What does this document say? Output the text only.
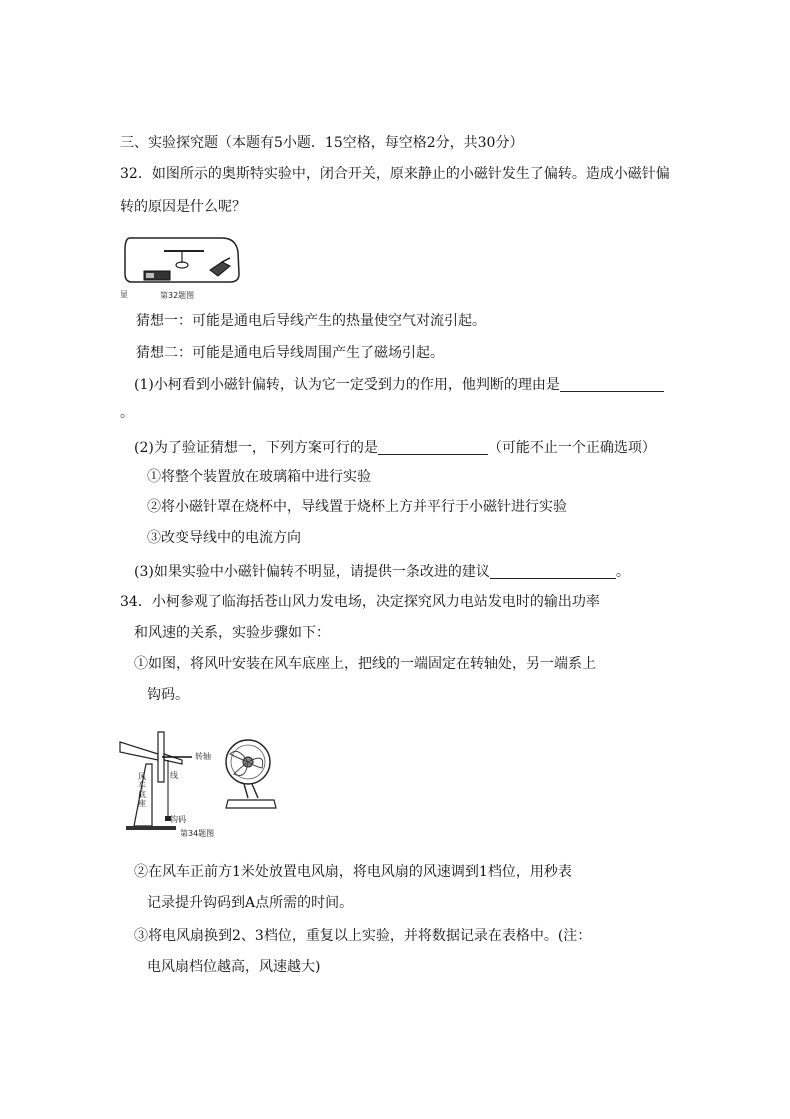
三、实验探究题（本题有5小题．15空格，每空格2分，共30分）
32．如图所示的奥斯特实验中，闭合开关，原来静止的小磁针发生了偏转。造成小磁针偏
转的原因是什么呢？
第32题图
显
猜想一：可能是通电后导线产生的热量使空气对流引起。
猜想二：可能是通电后导线周围产生了磁场引起。
(1)小柯看到小磁针偏转，认为它一定受到力的作用，他判断的理由是
。
(2)为了验证猜想一，下列方案可行的是	（可能不止一个正确选项）
①将整个装置放在玻璃箱中进行实验
②将小磁针罩在烧杯中，导线置于烧杯上方并平行于小磁针进行实验
③改变导线中的电流方向
(3)如果实验中小磁针偏转不明显，请提供一条改进的建议	。
34．小柯参观了临海括苍山风力发电场，决定探究风力电站发电时的输出功率
和风速的关系，实验步骤如下：
①如图，将风叶安装在风车底座上，把线的一端固定在转轴处，另一端系上
钩码。
转轴
线
风车底座
钩码
第34题图
②在风车正前方1米处放置电风扇，将电风扇的风速调到1档位，用秒表
记录提升钩码到A点所需的时间。
③将电风扇换到2、3档位，重复以上实验，并将数据记录在表格中。(注：
电风扇档位越高，风速越大)
